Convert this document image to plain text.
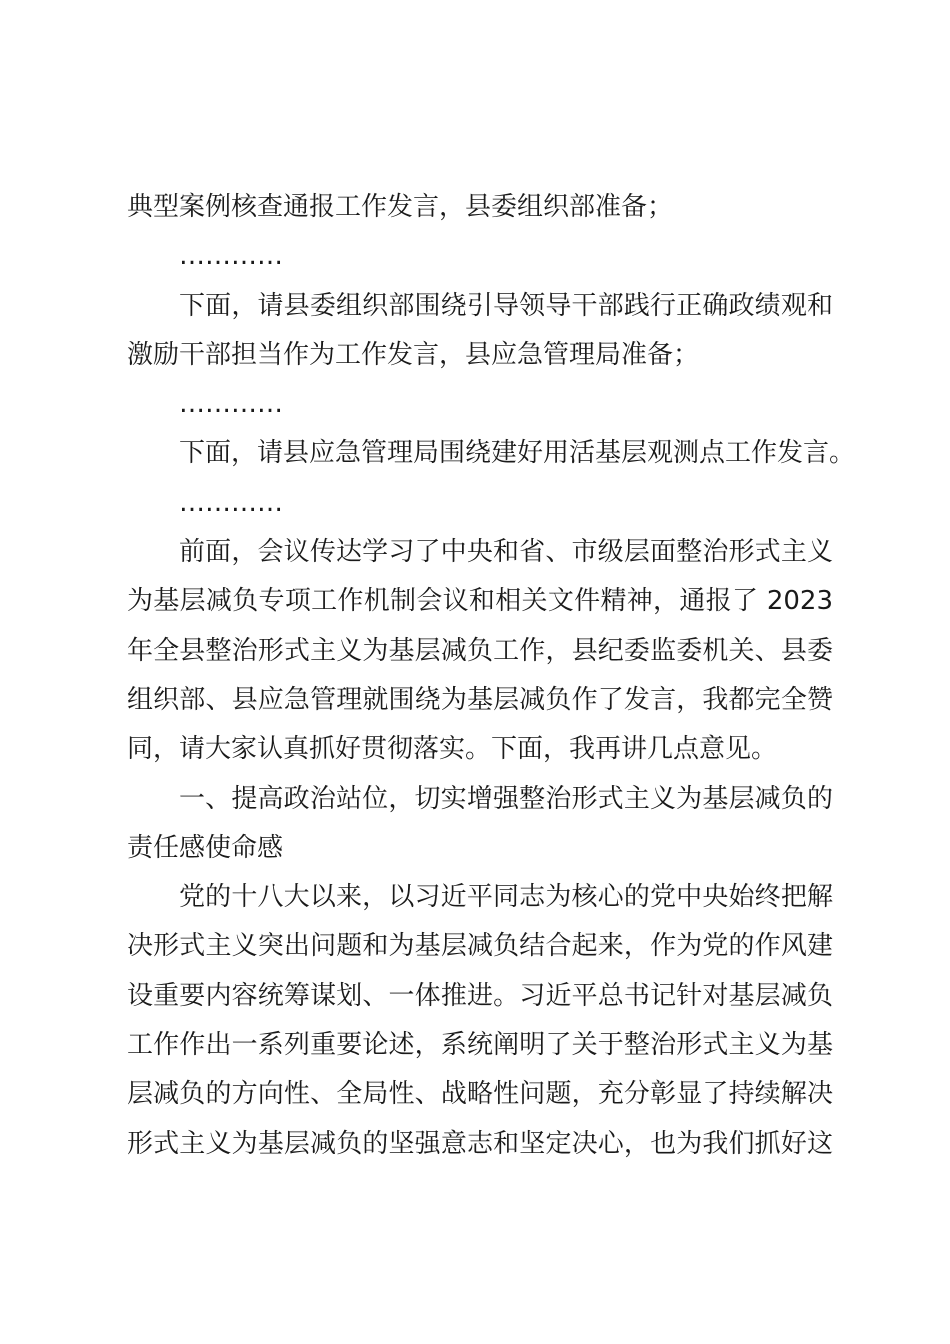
典型案例核查通报工作发言，县委组织部准备；
…………
下面，请县委组织部围绕引导领导干部践行正确政绩观和
激励干部担当作为工作发言，县应急管理局准备；
…………
下面，请县应急管理局围绕建好用活基层观测点工作发言。
…………
前面，会议传达学习了中央和省、市级层面整治形式主义
为基层减负专项工作机制会议和相关文件精神，通报了 2023
年全县整治形式主义为基层减负工作，县纪委监委机关、县委
组织部、县应急管理就围绕为基层减负作了发言，我都完全赞
同，请大家认真抓好贯彻落实。下面，我再讲几点意见。
一、提高政治站位，切实增强整治形式主义为基层减负的
责任感使命感
党的十八大以来，以习近平同志为核心的党中央始终把解
决形式主义突出问题和为基层减负结合起来，作为党的作风建
设重要内容统筹谋划、一体推进。习近平总书记针对基层减负
工作作出一系列重要论述，系统阐明了关于整治形式主义为基
层减负的方向性、全局性、战略性问题，充分彰显了持续解决
形式主义为基层减负的坚强意志和坚定决心，也为我们抓好这
